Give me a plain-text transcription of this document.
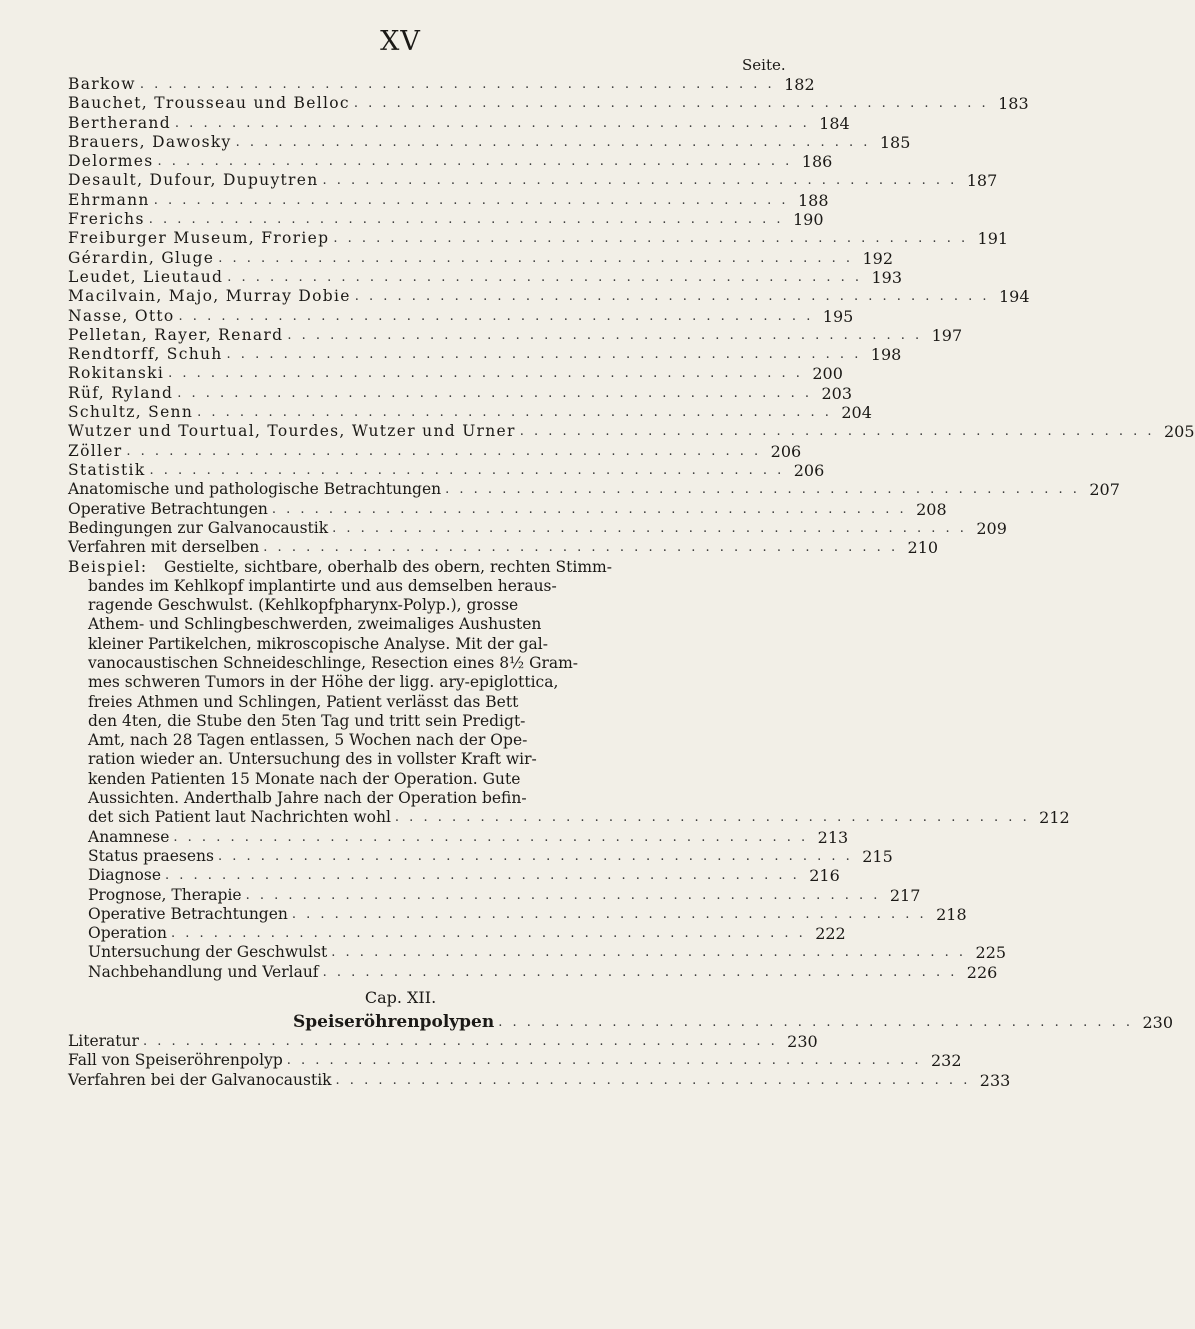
XV
Seite.
Barkow . . . . . . . . . . . . . . . . . . . . . . . . . . . . . . . . . . . . . . . . . . . . . 182
Bauchet, Trousseau und Belloc . . . . . . . . . . . . . . . . . . . . . . . . . . . . . . . . . . . . . . . . . . . . . 183
Bertherand . . . . . . . . . . . . . . . . . . . . . . . . . . . . . . . . . . . . . . . . . . . . . 184
Brauers, Dawosky . . . . . . . . . . . . . . . . . . . . . . . . . . . . . . . . . . . . . . . . . . . . . 185
Delormes . . . . . . . . . . . . . . . . . . . . . . . . . . . . . . . . . . . . . . . . . . . . . 186
Desault, Dufour, Dupuytren . . . . . . . . . . . . . . . . . . . . . . . . . . . . . . . . . . . . . . . . . . . . . 187
Ehrmann . . . . . . . . . . . . . . . . . . . . . . . . . . . . . . . . . . . . . . . . . . . . . 188
Frerichs . . . . . . . . . . . . . . . . . . . . . . . . . . . . . . . . . . . . . . . . . . . . . 190
Freiburger Museum, Froriep . . . . . . . . . . . . . . . . . . . . . . . . . . . . . . . . . . . . . . . . . . . . . 191
Gérardin, Gluge . . . . . . . . . . . . . . . . . . . . . . . . . . . . . . . . . . . . . . . . . . . . . 192
Leudet, Lieutaud . . . . . . . . . . . . . . . . . . . . . . . . . . . . . . . . . . . . . . . . . . . . . 193
Macilvain, Majo, Murray Dobie . . . . . . . . . . . . . . . . . . . . . . . . . . . . . . . . . . . . . . . . . . . . . 194
Nasse, Otto . . . . . . . . . . . . . . . . . . . . . . . . . . . . . . . . . . . . . . . . . . . . . 195
Pelletan, Rayer, Renard . . . . . . . . . . . . . . . . . . . . . . . . . . . . . . . . . . . . . . . . . . . . . 197
Rendtorff, Schuh . . . . . . . . . . . . . . . . . . . . . . . . . . . . . . . . . . . . . . . . . . . . . 198
Rokitanski . . . . . . . . . . . . . . . . . . . . . . . . . . . . . . . . . . . . . . . . . . . . . 200
Rüf, Ryland . . . . . . . . . . . . . . . . . . . . . . . . . . . . . . . . . . . . . . . . . . . . . 203
Schultz, Senn . . . . . . . . . . . . . . . . . . . . . . . . . . . . . . . . . . . . . . . . . . . . . 204
Wutzer und Tourtual, Tourdes, Wutzer und Urner . . . . . . . . . . . . . . . . . . . . . . . . . . . . . . . . . . . . . . . . . . . . . 205
Zöller . . . . . . . . . . . . . . . . . . . . . . . . . . . . . . . . . . . . . . . . . . . . . 206
Statistik . . . . . . . . . . . . . . . . . . . . . . . . . . . . . . . . . . . . . . . . . . . . . 206
Anatomische und pathologische Betrachtungen . . . . . . . . . . . . . . . . . . . . . . . . . . . . . . . . . . . . . . . . . . . . . 207
Operative Betrachtungen . . . . . . . . . . . . . . . . . . . . . . . . . . . . . . . . . . . . . . . . . . . . . 208
Bedingungen zur Galvanocaustik . . . . . . . . . . . . . . . . . . . . . . . . . . . . . . . . . . . . . . . . . . . . . 209
Verfahren mit derselben . . . . . . . . . . . . . . . . . . . . . . . . . . . . . . . . . . . . . . . . . . . . . 210
Beispiel:	Gestielte, sichtbare, oberhalb des obern, rechten Stimm-
bandes im Kehlkopf implantirte und aus demselben heraus-
ragende Geschwulst. (Kehlkopfpharynx-Polyp.), grosse
Athem- und Schlingbeschwerden, zweimaliges Aushusten
kleiner Partikelchen, mikroscopische Analyse. Mit der gal-
vanocaustischen Schneideschlinge, Resection eines 8½ Gram-
mes schweren Tumors in der Höhe der ligg. ary-epiglottica,
freies Athmen und Schlingen, Patient verlässt das Bett
den 4ten, die Stube den 5ten Tag und tritt sein Predigt-
Amt, nach 28 Tagen entlassen, 5 Wochen nach der Ope-
ration wieder an. Untersuchung des in vollster Kraft wir-
kenden Patienten 15 Monate nach der Operation. Gute
Aussichten. Anderthalb Jahre nach der Operation befin-
det sich Patient laut Nachrichten wohl . . . . . . . . . . . . . . . . . . . . . . . . . . . . . . . . . . . . . . . . . . . . . 212
Anamnese . . . . . . . . . . . . . . . . . . . . . . . . . . . . . . . . . . . . . . . . . . . . . 213
Status praesens . . . . . . . . . . . . . . . . . . . . . . . . . . . . . . . . . . . . . . . . . . . . . 215
Diagnose . . . . . . . . . . . . . . . . . . . . . . . . . . . . . . . . . . . . . . . . . . . . . 216
Prognose, Therapie . . . . . . . . . . . . . . . . . . . . . . . . . . . . . . . . . . . . . . . . . . . . . 217
Operative Betrachtungen . . . . . . . . . . . . . . . . . . . . . . . . . . . . . . . . . . . . . . . . . . . . . 218
Operation . . . . . . . . . . . . . . . . . . . . . . . . . . . . . . . . . . . . . . . . . . . . . 222
Untersuchung der Geschwulst . . . . . . . . . . . . . . . . . . . . . . . . . . . . . . . . . . . . . . . . . . . . . 225
Nachbehandlung und Verlauf . . . . . . . . . . . . . . . . . . . . . . . . . . . . . . . . . . . . . . . . . . . . . 226
Cap. XII.
Speiseröhrenpolypen . . . . . . . . . . . . . . . . . . . . . . . . . . . . . . . . . . . . . . . . . . . . . 230
Literatur . . . . . . . . . . . . . . . . . . . . . . . . . . . . . . . . . . . . . . . . . . . . . 230
Fall von Speiseröhrenpolyp . . . . . . . . . . . . . . . . . . . . . . . . . . . . . . . . . . . . . . . . . . . . . 232
Verfahren bei der Galvanocaustik . . . . . . . . . . . . . . . . . . . . . . . . . . . . . . . . . . . . . . . . . . . . . 233
